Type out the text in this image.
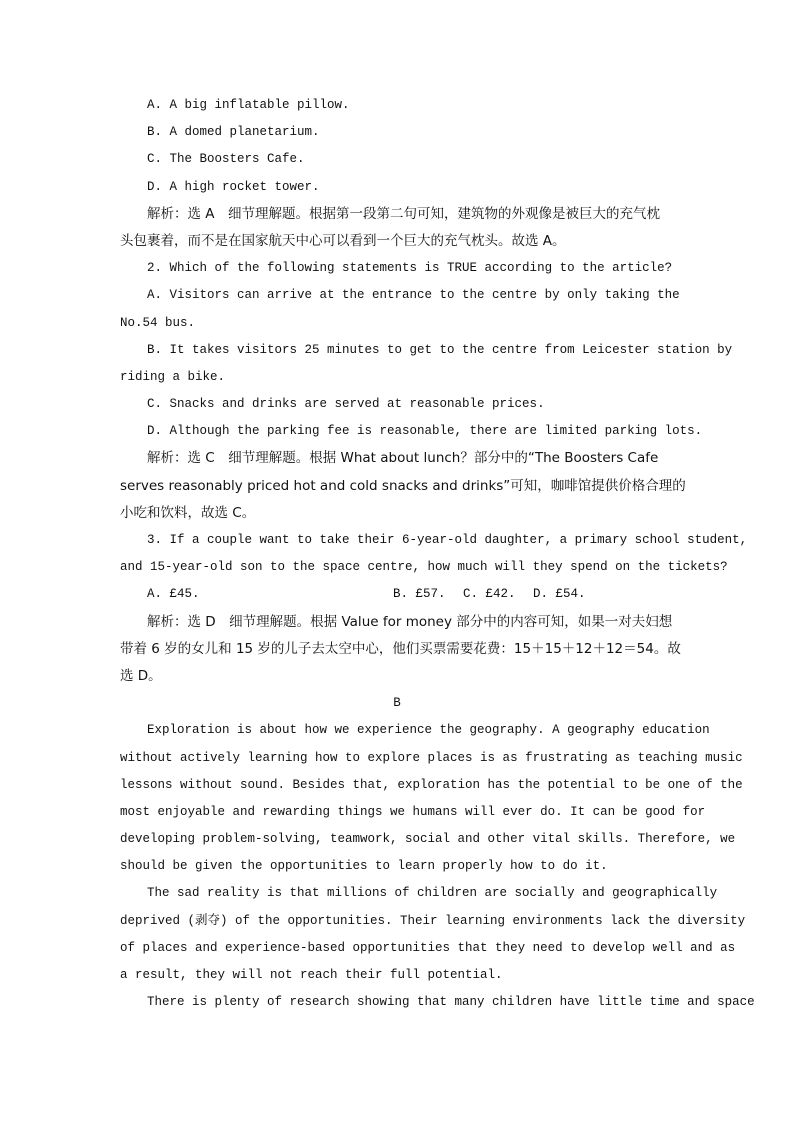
A. A big inflatable pillow.
B. A domed planetarium.
C. The Boosters Cafe.
D. A high rocket tower.
解析：选 A　细节理解题。根据第一段第二句可知，建筑物的外观像是被巨大的充气枕
头包裹着，而不是在国家航天中心可以看到一个巨大的充气枕头。故选 A。
2. Which of the following statements is TRUE according to the article?
A. Visitors can arrive at the entrance to the centre by only taking the
No.54 bus.
B. It takes visitors 25 minutes to get to the centre from Leicester station by
riding a bike.
C. Snacks and drinks are served at reasonable prices.
D. Although the parking fee is reasonable, there are limited parking lots.
解析：选 C　细节理解题。根据 What about lunch？部分中的“The Boosters Cafe
serves reasonably priced hot and cold snacks and drinks”可知，咖啡馆提供价格合理的
小吃和饮料，故选 C。
3. If a couple want to take their 6-year-old daughter, a primary school student,
and 15-year-old son to the space centre, how much will they spend on the tickets?
A. £45.	B. £57. C. £42. D. £54.
解析：选 D　细节理解题。根据 Value for money 部分中的内容可知，如果一对夫妇想
带着 6 岁的女儿和 15 岁的儿子去太空中心，他们买票需要花费：15＋15＋12＋12＝54。故
选 D。
B
Exploration is about how we experience the geography. A geography education
without actively learning how to explore places is as frustrating as teaching music
lessons without sound. Besides that, exploration has the potential to be one of the
most enjoyable and rewarding things we humans will ever do. It can be good for
developing problem-solving, teamwork, social and other vital skills. Therefore, we
should be given the opportunities to learn properly how to do it.
The sad reality is that millions of children are socially and geographically
deprived (剥夺) of the opportunities. Their learning environments lack the diversity
of places and experience-based opportunities that they need to develop well and as
a result, they will not reach their full potential.
There is plenty of research showing that many children have little time and space
